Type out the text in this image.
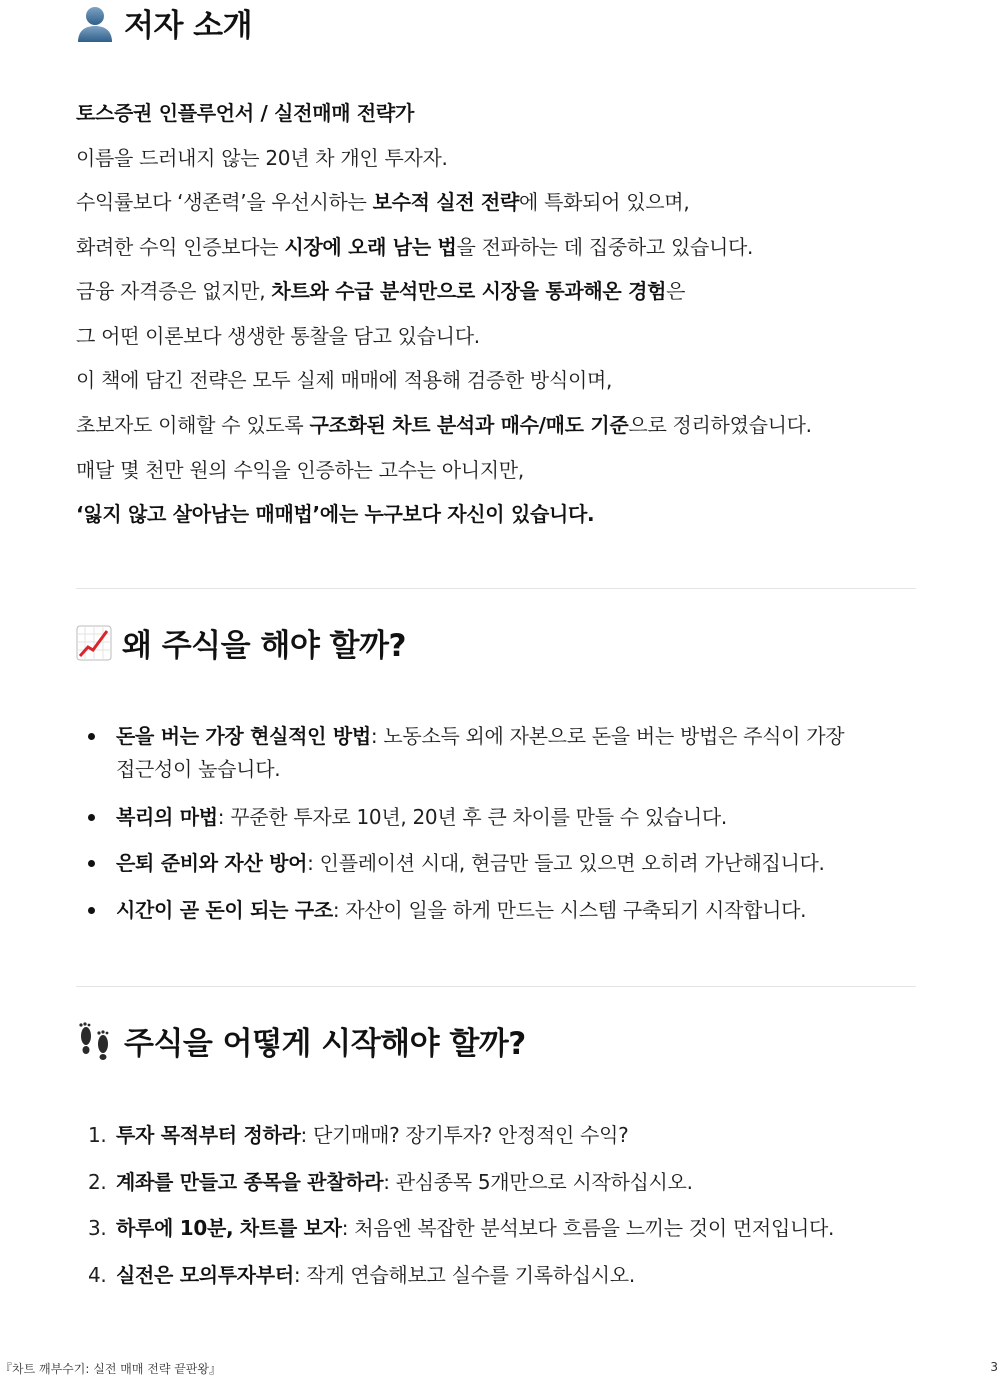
저자 소개
토스증권 인플루언서 / 실전매매 전략가
이름을 드러내지 않는 20년 차 개인 투자자.
수익률보다 ‘생존력’을 우선시하는 보수적 실전 전략에 특화되어 있으며,
화려한 수익 인증보다는 시장에 오래 남는 법을 전파하는 데 집중하고 있습니다.
금융 자격증은 없지만, 차트와 수급 분석만으로 시장을 통과해온 경험은
그 어떤 이론보다 생생한 통찰을 담고 있습니다.
이 책에 담긴 전략은 모두 실제 매매에 적용해 검증한 방식이며,
초보자도 이해할 수 있도록 구조화된 차트 분석과 매수/매도 기준으로 정리하였습니다.
매달 몇 천만 원의 수익을 인증하는 고수는 아니지만,
‘잃지 않고 살아남는 매매법’에는 누구보다 자신이 있습니다.
왜 주식을 해야 할까?
돈을 버는 가장 현실적인 방법: 노동소득 외에 자본으로 돈을 버는 방법은 주식이 가장
접근성이 높습니다.
복리의 마법: 꾸준한 투자로 10년, 20년 후 큰 차이를 만들 수 있습니다.
은퇴 준비와 자산 방어: 인플레이션 시대, 현금만 들고 있으면 오히려 가난해집니다.
시간이 곧 돈이 되는 구조: 자산이 일을 하게 만드는 시스템 구축되기 시작합니다.
주식을 어떻게 시작해야 할까?
1. 투자 목적부터 정하라: 단기매매? 장기투자? 안정적인 수익?
2. 계좌를 만들고 종목을 관찰하라: 관심종목 5개만으로 시작하십시오.
3. 하루에 10분, 차트를 보자: 처음엔 복잡한 분석보다 흐름을 느끼는 것이 먼저입니다.
4. 실전은 모의투자부터: 작게 연습해보고 실수를 기록하십시오.
『차트 깨부수기: 실전 매매 전략 끝판왕』	3
